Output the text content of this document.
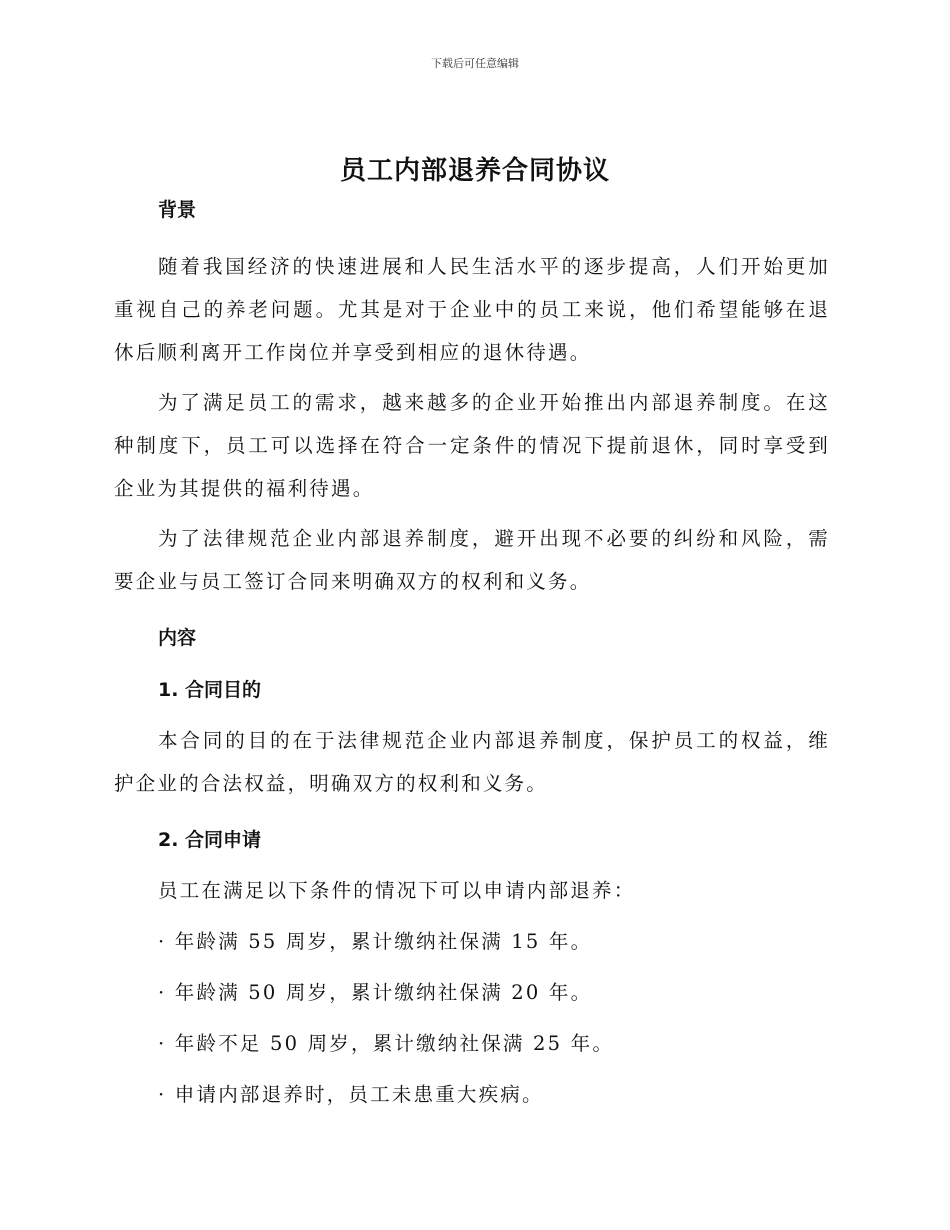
下载后可任意编辑
员工内部退养合同协议
背景

随着我国经济的快速进展和人民生活水平的逐步提高，人们开始更加重视自己的养老问题。尤其是对于企业中的员工来说，他们希望能够在退休后顺利离开工作岗位并享受到相应的退休待遇。

为了满足员工的需求，越来越多的企业开始推出内部退养制度。在这种制度下，员工可以选择在符合一定条件的情况下提前退休，同时享受到企业为其提供的福利待遇。

为了法律规范企业内部退养制度，避开出现不必要的纠纷和风险，需要企业与员工签订合同来明确双方的权利和义务。

内容
1. 合同目的

本合同的目的在于法律规范企业内部退养制度，保护员工的权益，维护企业的合法权益，明确双方的权利和义务。

2. 合同申请

员工在满足以下条件的情况下可以申请内部退养：

· 年龄满 55 周岁，累计缴纳社保满 15 年。

· 年龄满 50 周岁，累计缴纳社保满 20 年。

· 年龄不足 50 周岁，累计缴纳社保满 25 年。

· 申请内部退养时，员工未患重大疾病。
